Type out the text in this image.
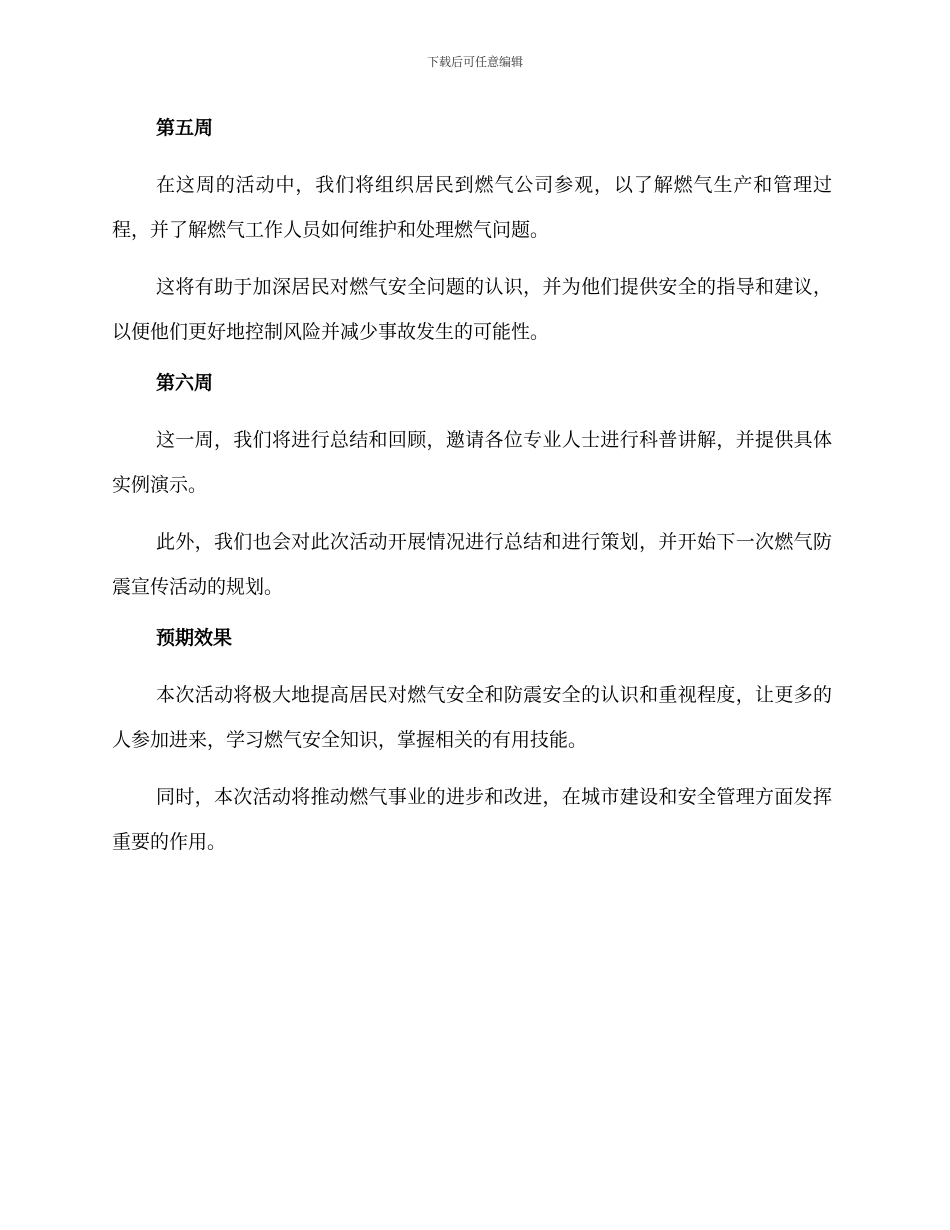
下载后可任意编辑
第五周

在这周的活动中，我们将组织居民到燃气公司参观，以了解燃气生产和管理过程，并了解燃气工作人员如何维护和处理燃气问题。

这将有助于加深居民对燃气安全问题的认识，并为他们提供安全的指导和建议，以便他们更好地控制风险并减少事故发生的可能性。

第六周

这一周，我们将进行总结和回顾，邀请各位专业人士进行科普讲解，并提供具体实例演示。

此外，我们也会对此次活动开展情况进行总结和进行策划，并开始下一次燃气防震宣传活动的规划。

预期效果

本次活动将极大地提高居民对燃气安全和防震安全的认识和重视程度，让更多的人参加进来，学习燃气安全知识，掌握相关的有用技能。

同时，本次活动将推动燃气事业的进步和改进，在城市建设和安全管理方面发挥重要的作用。
